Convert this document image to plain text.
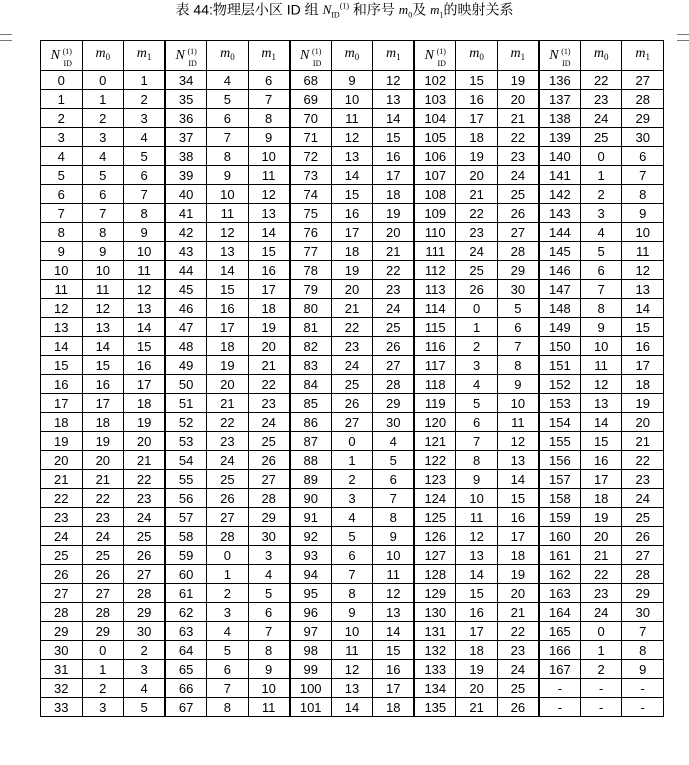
表 44:物理层小区 ID 组 $N_{ID}^{(1)}$ 和序号 $m_0$及 $m_1$的映射关系
N (1)
ID	$m_0$	$m_1$	N (1)
ID	$m_0$	$m_1$	N (1)
ID	$m_0$	$m_1$	N (1)
ID	$m_0$	$m_1$	N (1)
ID	$m_0$	$m_1$
0	0	1	34	4	6	68	9	12	102	15	19	136	22	27
1	1	2	35	5	7	69	10	13	103	16	20	137	23	28
2	2	3	36	6	8	70	11	14	104	17	21	138	24	29
3	3	4	37	7	9	71	12	15	105	18	22	139	25	30
4	4	5	38	8	10	72	13	16	106	19	23	140	0	6
5	5	6	39	9	11	73	14	17	107	20	24	141	1	7
6	6	7	40	10	12	74	15	18	108	21	25	142	2	8
7	7	8	41	11	13	75	16	19	109	22	26	143	3	9
8	8	9	42	12	14	76	17	20	110	23	27	144	4	10
9	9	10	43	13	15	77	18	21	111	24	28	145	5	11
10	10	11	44	14	16	78	19	22	112	25	29	146	6	12
11	11	12	45	15	17	79	20	23	113	26	30	147	7	13
12	12	13	46	16	18	80	21	24	114	0	5	148	8	14
13	13	14	47	17	19	81	22	25	115	1	6	149	9	15
14	14	15	48	18	20	82	23	26	116	2	7	150	10	16
15	15	16	49	19	21	83	24	27	117	3	8	151	11	17
16	16	17	50	20	22	84	25	28	118	4	9	152	12	18
17	17	18	51	21	23	85	26	29	119	5	10	153	13	19
18	18	19	52	22	24	86	27	30	120	6	11	154	14	20
19	19	20	53	23	25	87	0	4	121	7	12	155	15	21
20	20	21	54	24	26	88	1	5	122	8	13	156	16	22
21	21	22	55	25	27	89	2	6	123	9	14	157	17	23
22	22	23	56	26	28	90	3	7	124	10	15	158	18	24
23	23	24	57	27	29	91	4	8	125	11	16	159	19	25
24	24	25	58	28	30	92	5	9	126	12	17	160	20	26
25	25	26	59	0	3	93	6	10	127	13	18	161	21	27
26	26	27	60	1	4	94	7	11	128	14	19	162	22	28
27	27	28	61	2	5	95	8	12	129	15	20	163	23	29
28	28	29	62	3	6	96	9	13	130	16	21	164	24	30
29	29	30	63	4	7	97	10	14	131	17	22	165	0	7
30	0	2	64	5	8	98	11	15	132	18	23	166	1	8
31	1	3	65	6	9	99	12	16	133	19	24	167	2	9
32	2	4	66	7	10	100	13	17	134	20	25	-	-	-
33	3	5	67	8	11	101	14	18	135	21	26	-	-	-
